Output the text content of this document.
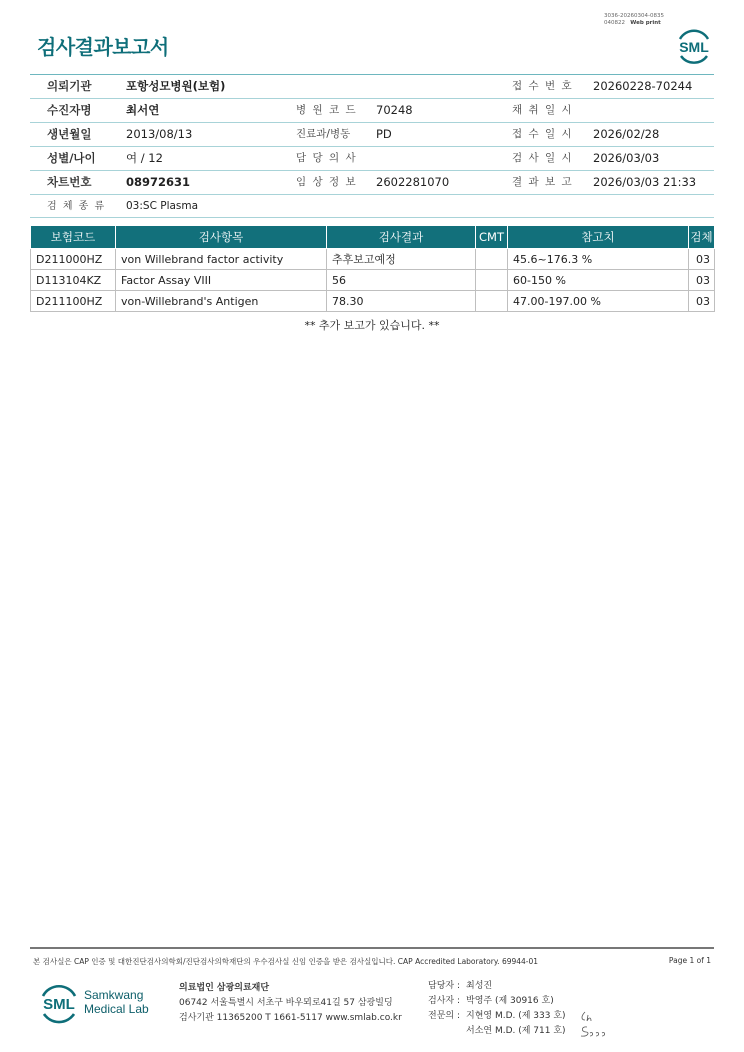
3036-20260304-0835
040822 Web print
검사결과보고서	SML
의뢰기관	포항성모병원(보험)	접 수 번 호 20260228-70244
수진자명	최서연	병 원 코 드 70248	채 취 일 시
생년월일	2013/08/13	진료과/병동 PD	접 수 일 시 2026/02/28
성별/나이	여 / 12	담 당 의 사	검 사 일 시 2026/03/03
차트번호	08972631	임 상 정 보 2602281070	결 과 보 고 2026/03/03 21:33
검 체 종 류 03:SC Plasma
보험코드	검사항목	검사결과	CMT	참고치	검체
D211000HZ	von Willebrand factor activity	추후보고예정		45.6~176.3 %	03
D113104KZ	Factor Assay VIII	56		60-150 %	03
D211100HZ	von-Willebrand's Antigen	78.30		47.00-197.00 %	03
** 추가 보고가 있습니다. **
본 검사실은 CAP 인증 및 대한진단검사의학회/진단검사의학재단의 우수검사실 신임 인증을 받은 검사실입니다. CAP Accredited Laboratory. 69944-01	Page 1 of 1
SML
Samkwang
Medical Lab
의료법인 삼광의료재단
06742 서울특별시 서초구 바우뫼로41길 57 삼광빌딩
검사기관 11365200 T 1661-5117 www.smlab.co.kr
담당자 : 최성진
검사자 : 박영주 (제 30916 호)
전문의 : 지현영 M.D. (제 333 호)
서소연 M.D. (제 711 호)
